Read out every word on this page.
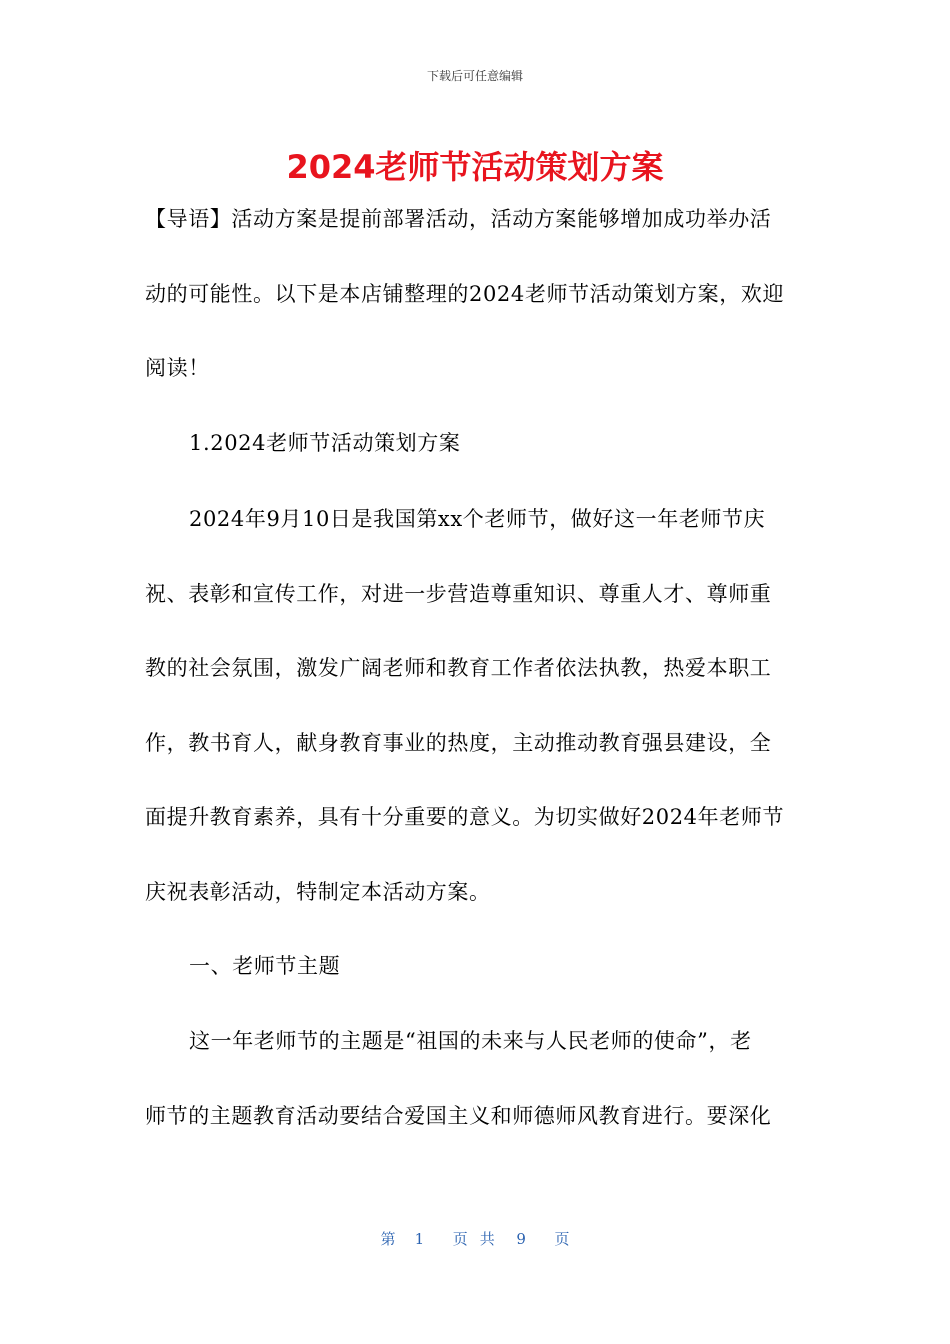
下载后可任意编辑
2024老师节活动策划方案
【导语】活动方案是提前部署活动，活动方案能够增加成功举办活
动的可能性。以下是本店铺整理的2024老师节活动策划方案，欢迎
阅读！
1.2024老师节活动策划方案
2024年9月10日是我国第xx个老师节，做好这一年老师节庆
祝、表彰和宣传工作，对进一步营造尊重知识、尊重人才、尊师重
教的社会氛围，激发广阔老师和教育工作者依法执教，热爱本职工
作，教书育人，献身教育事业的热度，主动推动教育强县建设，全
面提升教育素养，具有十分重要的意义。为切实做好2024年老师节
庆祝表彰活动，特制定本活动方案。
一、老师节主题
这一年老师节的主题是“祖国的未来与人民老师的使命”，老
师节的主题教育活动要结合爱国主义和师德师风教育进行。要深化
第 1 页共 9 页
